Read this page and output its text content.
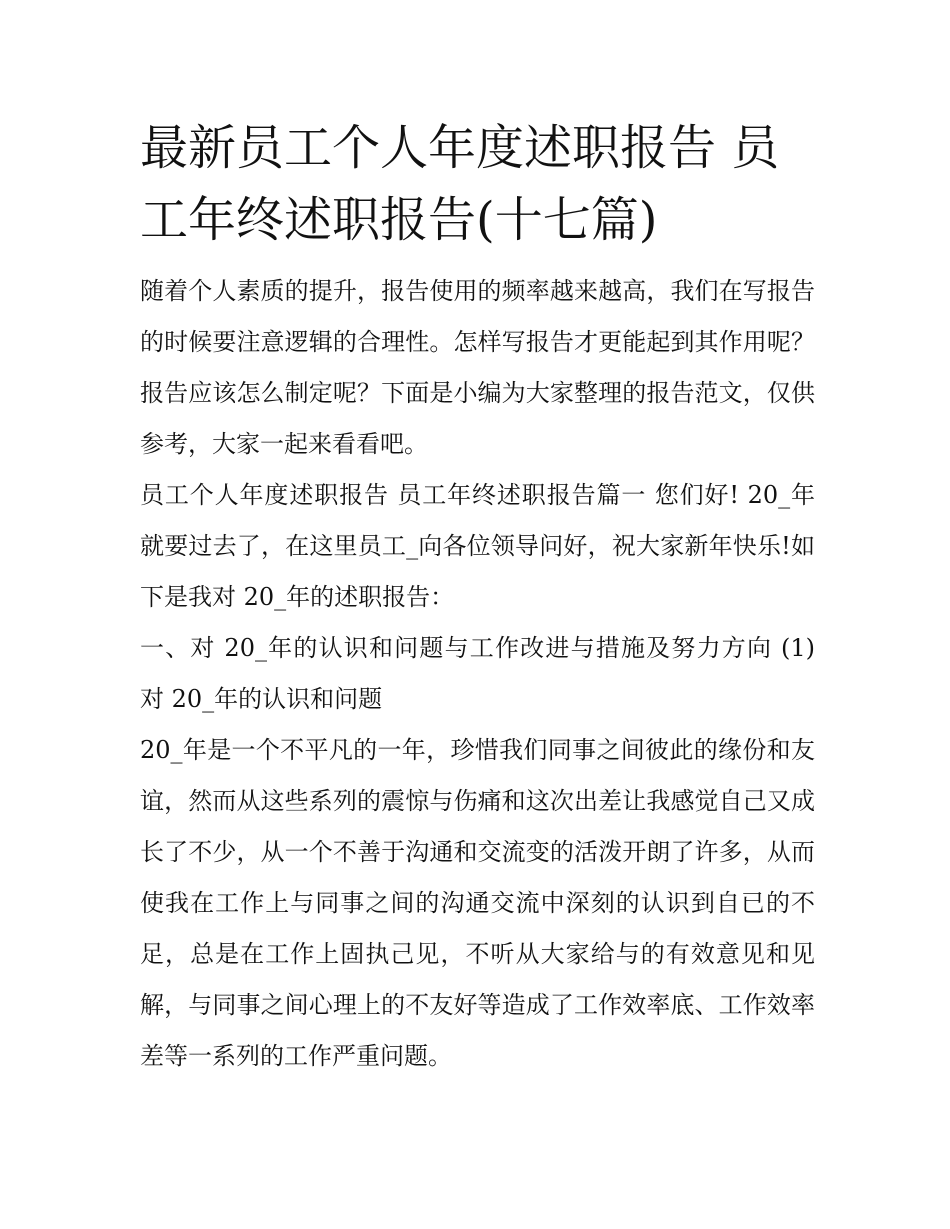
最新员工个人年度述职报告 员工年终述职报告(十七篇)

随着个人素质的提升，报告使用的频率越来越高，我们在写报告的时候要注意逻辑的合理性。怎样写报告才更能起到其作用呢？报告应该怎么制定呢？下面是小编为大家整理的报告范文，仅供参考，大家一起来看看吧。

员工个人年度述职报告 员工年终述职报告篇一 您们好! 20_年就要过去了，在这里员工_向各位领导问好，祝大家新年快乐!如下是我对 20_年的述职报告：

一、对 20_年的认识和问题与工作改进与措施及努力方向 (1) 对 20_年的认识和问题

20_年是一个不平凡的一年，珍惜我们同事之间彼此的缘份和友谊，然而从这些系列的震惊与伤痛和这次出差让我感觉自己又成长了不少，从一个不善于沟通和交流变的活泼开朗了许多，从而使我在工作上与同事之间的沟通交流中深刻的认识到自已的不足，总是在工作上固执己见，不听从大家给与的有效意见和见解，与同事之间心理上的不友好等造成了工作效率底、工作效率差等一系列的工作严重问题。
